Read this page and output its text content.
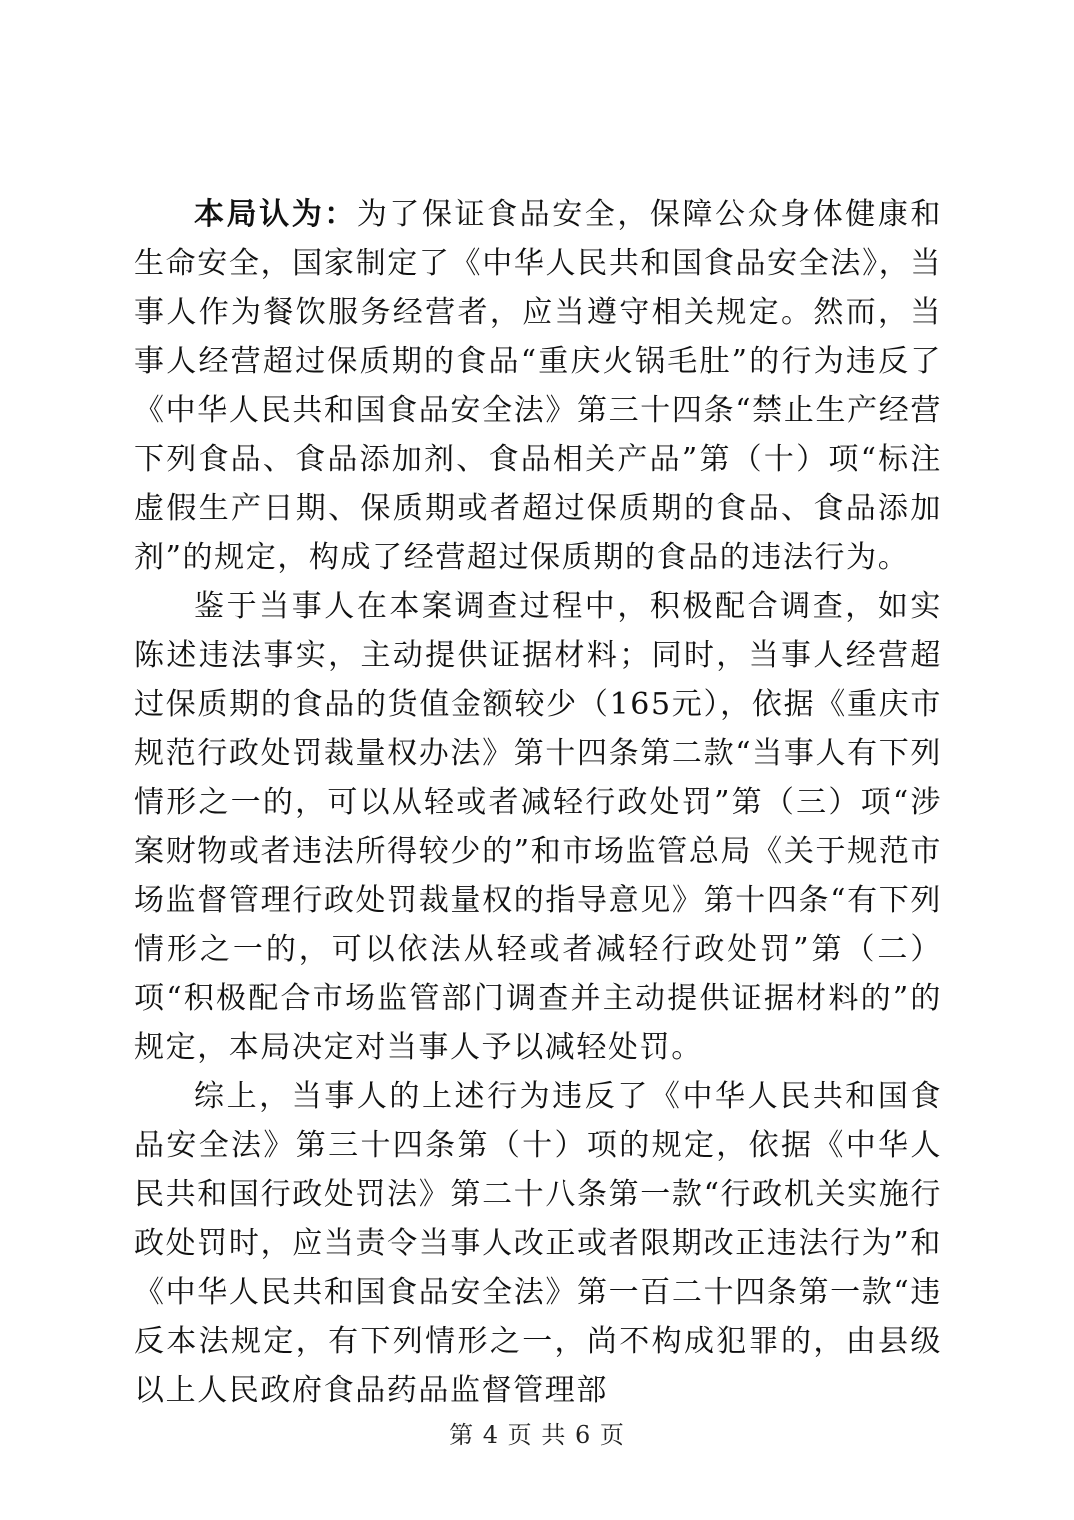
本局认为：为了保证食品安全，保障公众身体健康和生命安全，国家制定了《中华人民共和国食品安全法》，当事人作为餐饮服务经营者，应当遵守相关规定。然而，当事人经营超过保质期的食品“重庆火锅毛肚”的行为违反了《中华人民共和国食品安全法》第三十四条“禁止生产经营下列食品、食品添加剂、食品相关产品”第（十）项“标注虚假生产日期、保质期或者超过保质期的食品、食品添加剂”的规定，构成了经营超过保质期的食品的违法行为。

鉴于当事人在本案调查过程中，积极配合调查，如实陈述违法事实，主动提供证据材料；同时，当事人经营超过保质期的食品的货值金额较少（165元），依据《重庆市规范行政处罚裁量权办法》第十四条第二款“当事人有下列情形之一的，可以从轻或者减轻行政处罚”第（三）项“涉案财物或者违法所得较少的”和市场监管总局《关于规范市场监督管理行政处罚裁量权的指导意见》第十四条“有下列情形之一的，可以依法从轻或者减轻行政处罚”第（二）项“积极配合市场监管部门调查并主动提供证据材料的”的规定，本局决定对当事人予以减轻处罚。

综上，当事人的上述行为违反了《中华人民共和国食品安全法》第三十四条第（十）项的规定，依据《中华人民共和国行政处罚法》第二十八条第一款“行政机关实施行政处罚时，应当责令当事人改正或者限期改正违法行为”和《中华人民共和国食品安全法》第一百二十四条第一款“违反本法规定，有下列情形之一，尚不构成犯罪的，由县级以上人民政府食品药品监督管理部

第 4 页 共 6 页
